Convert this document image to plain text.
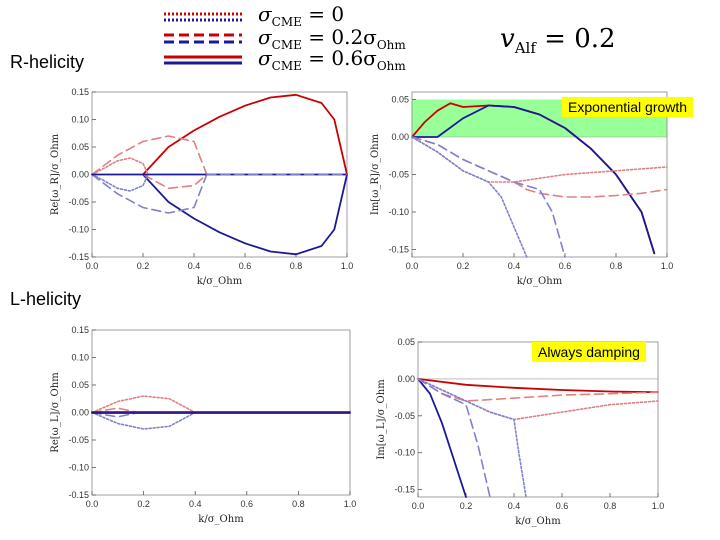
$\sigma_{CME} = 0$
$\sigma_{CME} = 0.2\sigma_{Ohm}$
$\sigma_{CME} = 0.6\sigma_{Ohm}$
$v_{Alf} = 0.2$
R-helicity
L-helicity
0.0	0.2	0.4	0.6	0.8	1.0
0.15
0.10
0.05
0.00
-0.05
-0.10
-0.15
k/σ_Ohm
Re[ω_R]/σ_Ohm
0.0	0.2	0.4	0.6	0.8	1.0
0.05
0.00
-0.05
-0.10
-0.15
k/σ_Ohm
Im[ω_R]/σ_Ohm
0.0	0.2	0.4	0.6	0.8	1.0
0.15
0.10
0.05
0.00
-0.05
-0.10
-0.15
k/σ_Ohm
Re[ω_L]/σ_Ohm
0.0	0.2	0.4	0.6	0.8	1.0
0.05
0.00
-0.05
-0.10
-0.15
k/σ_Ohm
Im[ω_L]/σ_Ohm
Exponential growth
Always damping
